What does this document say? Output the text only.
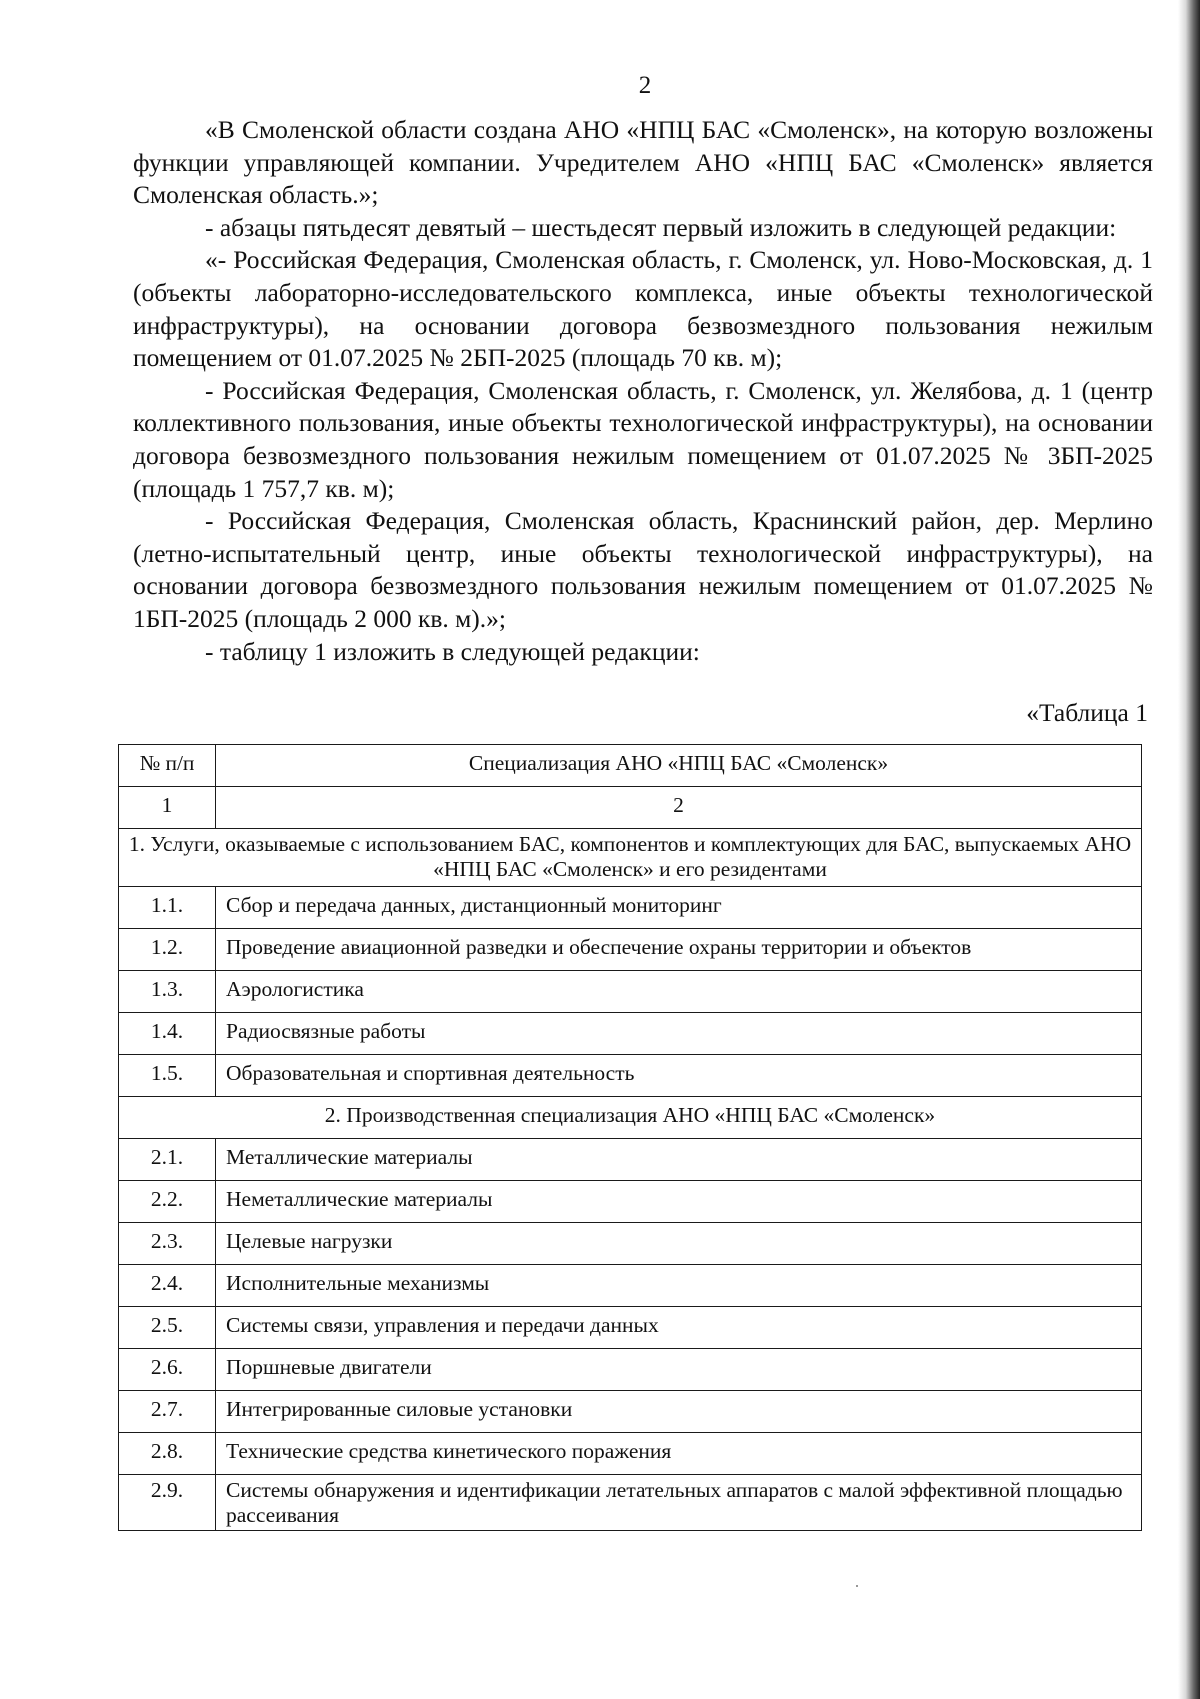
2

«В Смоленской области создана АНО «НПЦ БАС «Смоленск», на которую возложены функции управляющей компании. Учредителем АНО «НПЦ БАС «Смоленск» является Смоленская область.»;

- абзацы пятьдесят девятый – шестьдесят первый изложить в следующей редакции:

«- Российская Федерация, Смоленская область, г. Смоленск, ул. Ново-Московская, д. 1 (объекты лабораторно-исследовательского комплекса, иные объекты технологической инфраструктуры), на основании договора безвозмездного пользования нежилым помещением от 01.07.2025 № 2БП-2025 (площадь 70 кв. м);

- Российская Федерация, Смоленская область, г. Смоленск, ул. Желябова, д. 1 (центр коллективного пользования, иные объекты технологической инфраструктуры), на основании договора безвозмездного пользования нежилым помещением от 01.07.2025 № 3БП-2025 (площадь 1 757,7 кв. м);

- Российская Федерация, Смоленская область, Краснинский район, дер. Мерлино (летно-испытательный центр, иные объекты технологической инфраструктуры), на основании договора безвозмездного пользования нежилым помещением от 01.07.2025 № 1БП-2025 (площадь 2 000 кв. м).»;

- таблицу 1 изложить в следующей редакции:

«Таблица 1
№ п/п	Специализация АНО «НПЦ БАС «Смоленск»
1	2
1. Услуги, оказываемые с использованием БАС, компонентов и комплектующих для БАС, выпускаемых АНО «НПЦ БАС «Смоленск» и его резидентами	
1.1.	Сбор и передача данных, дистанционный мониторинг
1.2.	Проведение авиационной разведки и обеспечение охраны территории и объектов
1.3.	Аэрологистика
1.4.	Радиосвязные работы
1.5.	Образовательная и спортивная деятельность
2. Производственная специализация АНО «НПЦ БАС «Смоленск»	
2.1.	Металлические материалы
2.2.	Неметаллические материалы
2.3.	Целевые нагрузки
2.4.	Исполнительные механизмы
2.5.	Системы связи, управления и передачи данных
2.6.	Поршневые двигатели
2.7.	Интегрированные силовые установки
2.8.	Технические средства кинетического поражения
2.9.	Системы обнаружения и идентификации летательных аппаратов с малой эффективной площадью рассеивания
